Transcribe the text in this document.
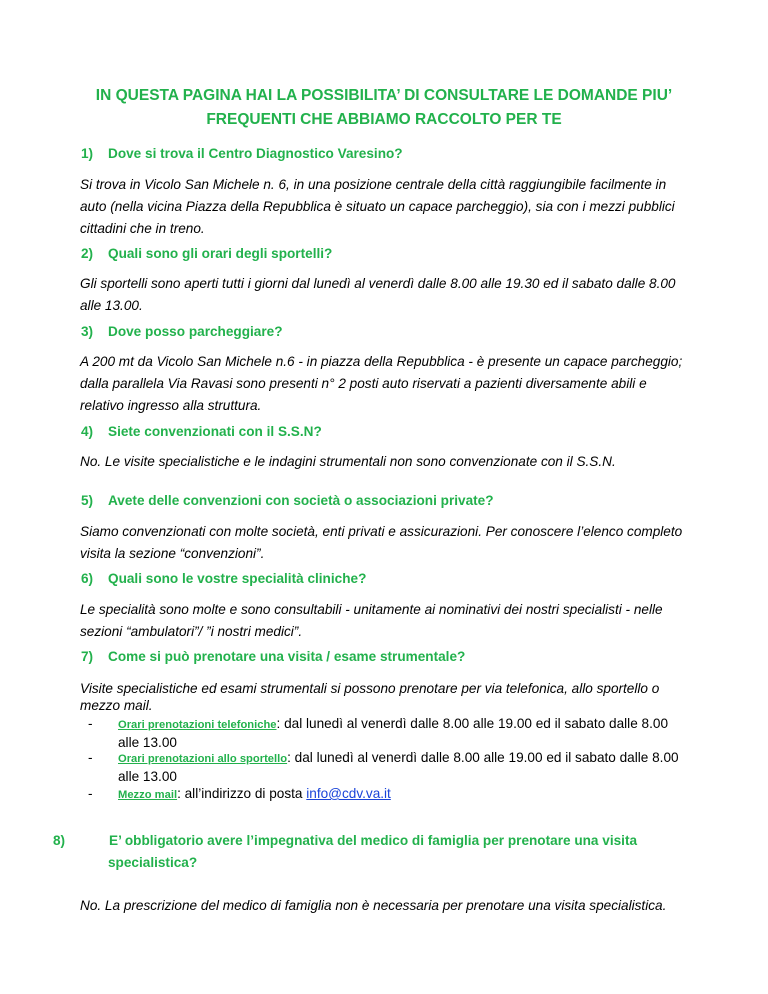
IN QUESTA PAGINA HAI LA POSSIBILITA’ DI CONSULTARE LE DOMANDE PIU’ FREQUENTI CHE ABBIAMO RACCOLTO PER TE
1) Dove si trova il Centro Diagnostico Varesino?
Si trova in Vicolo San Michele n. 6, in una posizione centrale della città raggiungibile facilmente in auto (nella vicina Piazza della Repubblica è situato un capace parcheggio), sia con i mezzi pubblici cittadini che in treno.
2) Quali sono gli orari degli sportelli?
Gli sportelli sono aperti tutti i giorni dal lunedì al venerdì dalle 8.00 alle 19.30 ed il sabato dalle 8.00 alle 13.00.
3) Dove posso parcheggiare?
A 200 mt da Vicolo San Michele n.6 - in piazza della Repubblica - è presente un capace parcheggio; dalla parallela Via Ravasi sono presenti n° 2 posti auto riservati a pazienti diversamente abili e relativo ingresso alla struttura.
4) Siete convenzionati con il S.S.N?
No. Le visite specialistiche e le indagini strumentali non sono convenzionate con il S.S.N.
5) Avete delle convenzioni con società o associazioni private?
Siamo convenzionati con molte società, enti privati e assicurazioni. Per conoscere l’elenco completo visita la sezione “convenzioni”.
6) Quali sono le vostre specialità cliniche?
Le specialità sono molte e sono consultabili - unitamente ai nominativi dei nostri specialisti - nelle sezioni “ambulatori”/ ”i nostri medici”.
7) Come si può prenotare una visita / esame strumentale?
Visite specialistiche ed esami strumentali si possono prenotare per via telefonica, allo sportello o mezzo mail.
- Orari prenotazioni telefoniche: dal lunedì al venerdì dalle 8.00 alle 19.00 ed il sabato dalle 8.00 alle 13.00
- Orari prenotazioni allo sportello: dal lunedì al venerdì dalle 8.00 alle 19.00 ed il sabato dalle 8.00 alle 13.00
- Mezzo mail: all’indirizzo di posta info@cdv.va.it
8)	E’ obbligatorio avere l’impegnativa del medico di famiglia per prenotare una visita specialistica?
No. La prescrizione del medico di famiglia non è necessaria per prenotare una visita specialistica.
